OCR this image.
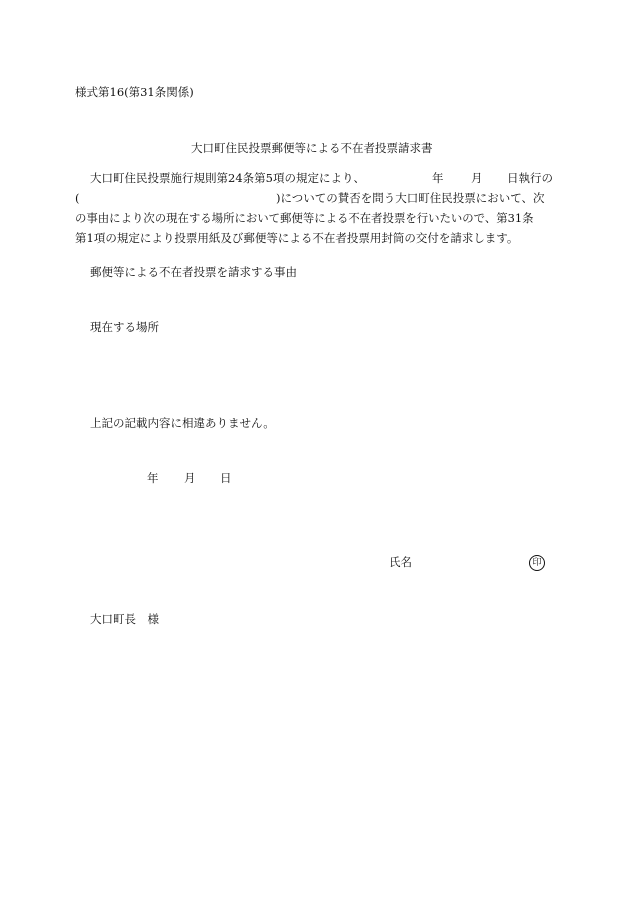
様式第16(第31条関係)
大口町住民投票郵便等による不在者投票請求書
大口町住民投票施行規則第24条第5項の規定により、	年 月 日執行の
(	)についての賛否を問う大口町住民投票において、次
の事由により次の現在する場所において郵便等による不在者投票を行いたいので、第31条
第1項の規定により投票用紙及び郵便等による不在者投票用封筒の交付を請求します。
郵便等による不在者投票を請求する事由
現在する場所
上記の記載内容に相違ありません。
年 月 日
氏名	印
大口町長　様
